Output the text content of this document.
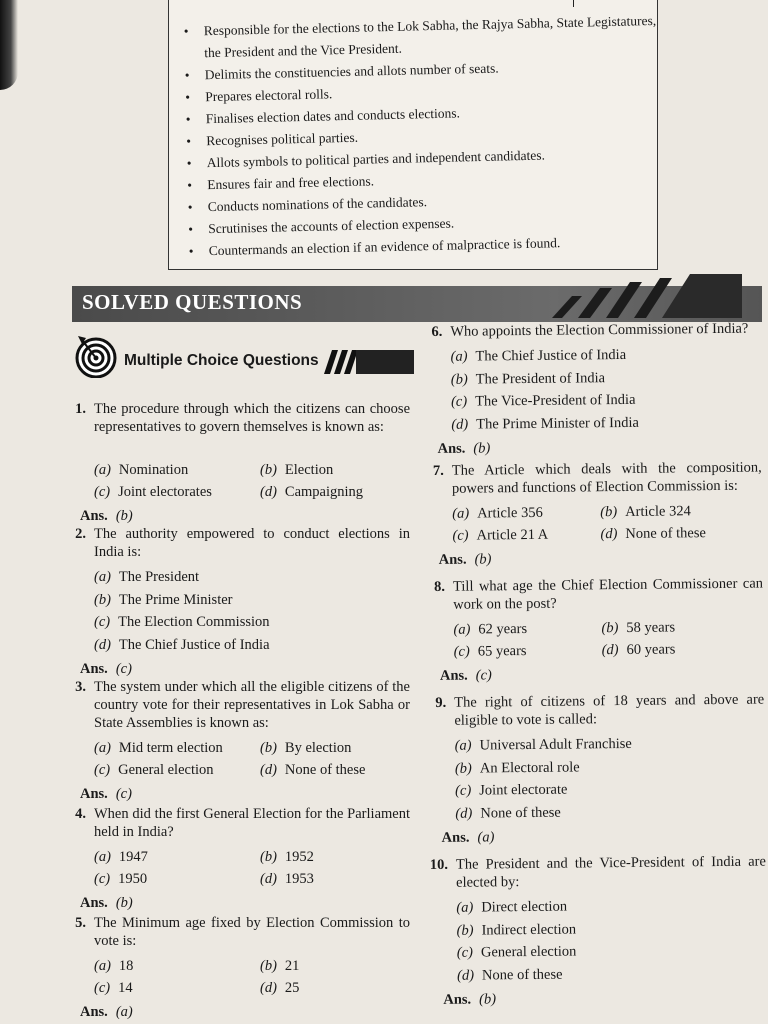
• Responsible for the elections to the Lok Sabha, the Rajya Sabha, State Legistatures, the President and the Vice President.
• Delimits the constituencies and allots number of seats.
• Prepares electoral rolls.
• Finalises election dates and conducts elections.
• Recognises political parties.
• Allots symbols to political parties and independent candidates.
• Ensures fair and free elections.
• Conducts nominations of the candidates.
• Scrutinises the accounts of election expenses.
• Countermands an election if an evidence of malpractice is found.
SOLVED QUESTIONS
Multiple Choice Questions
1. The procedure through which the citizens can choose representatives to govern themselves is known as:
(a) Nomination	(b) Election
(c) Joint electorates	(d) Campaigning
Ans. (b)
2. The authority empowered to conduct elections in India is:
(a) The President
(b) The Prime Minister
(c) The Election Commission
(d) The Chief Justice of India
Ans. (c)
3. The system under which all the eligible citizens of the country vote for their representatives in Lok Sabha or State Assemblies is known as:
(a) Mid term election	(b) By election
(c) General election	(d) None of these
Ans. (c)
4. When did the first General Election for the Parliament held in India?
(a) 1947	(b) 1952
(c) 1950	(d) 1953
Ans. (b)
5. The Minimum age fixed by Election Commission to vote is:
(a) 18	(b) 21
(c) 14	(d) 25
Ans. (a)
6. Who appoints the Election Commissioner of India?
(a) The Chief Justice of India
(b) The President of India
(c) The Vice-President of India
(d) The Prime Minister of India
Ans. (b)
7. The Article which deals with the composition, powers and functions of Election Commission is:
(a) Article 356	(b) Article 324
(c) Article 21 A	(d) None of these
Ans. (b)
8. Till what age the Chief Election Commissioner can work on the post?
(a) 62 years	(b) 58 years
(c) 65 years	(d) 60 years
Ans. (c)
9. The right of citizens of 18 years and above are eligible to vote is called:
(a) Universal Adult Franchise
(b) An Electoral role
(c) Joint electorate
(d) None of these
Ans. (a)
10. The President and the Vice-President of India are elected by:
(a) Direct election
(b) Indirect election
(c) General election
(d) None of these
Ans. (b)
